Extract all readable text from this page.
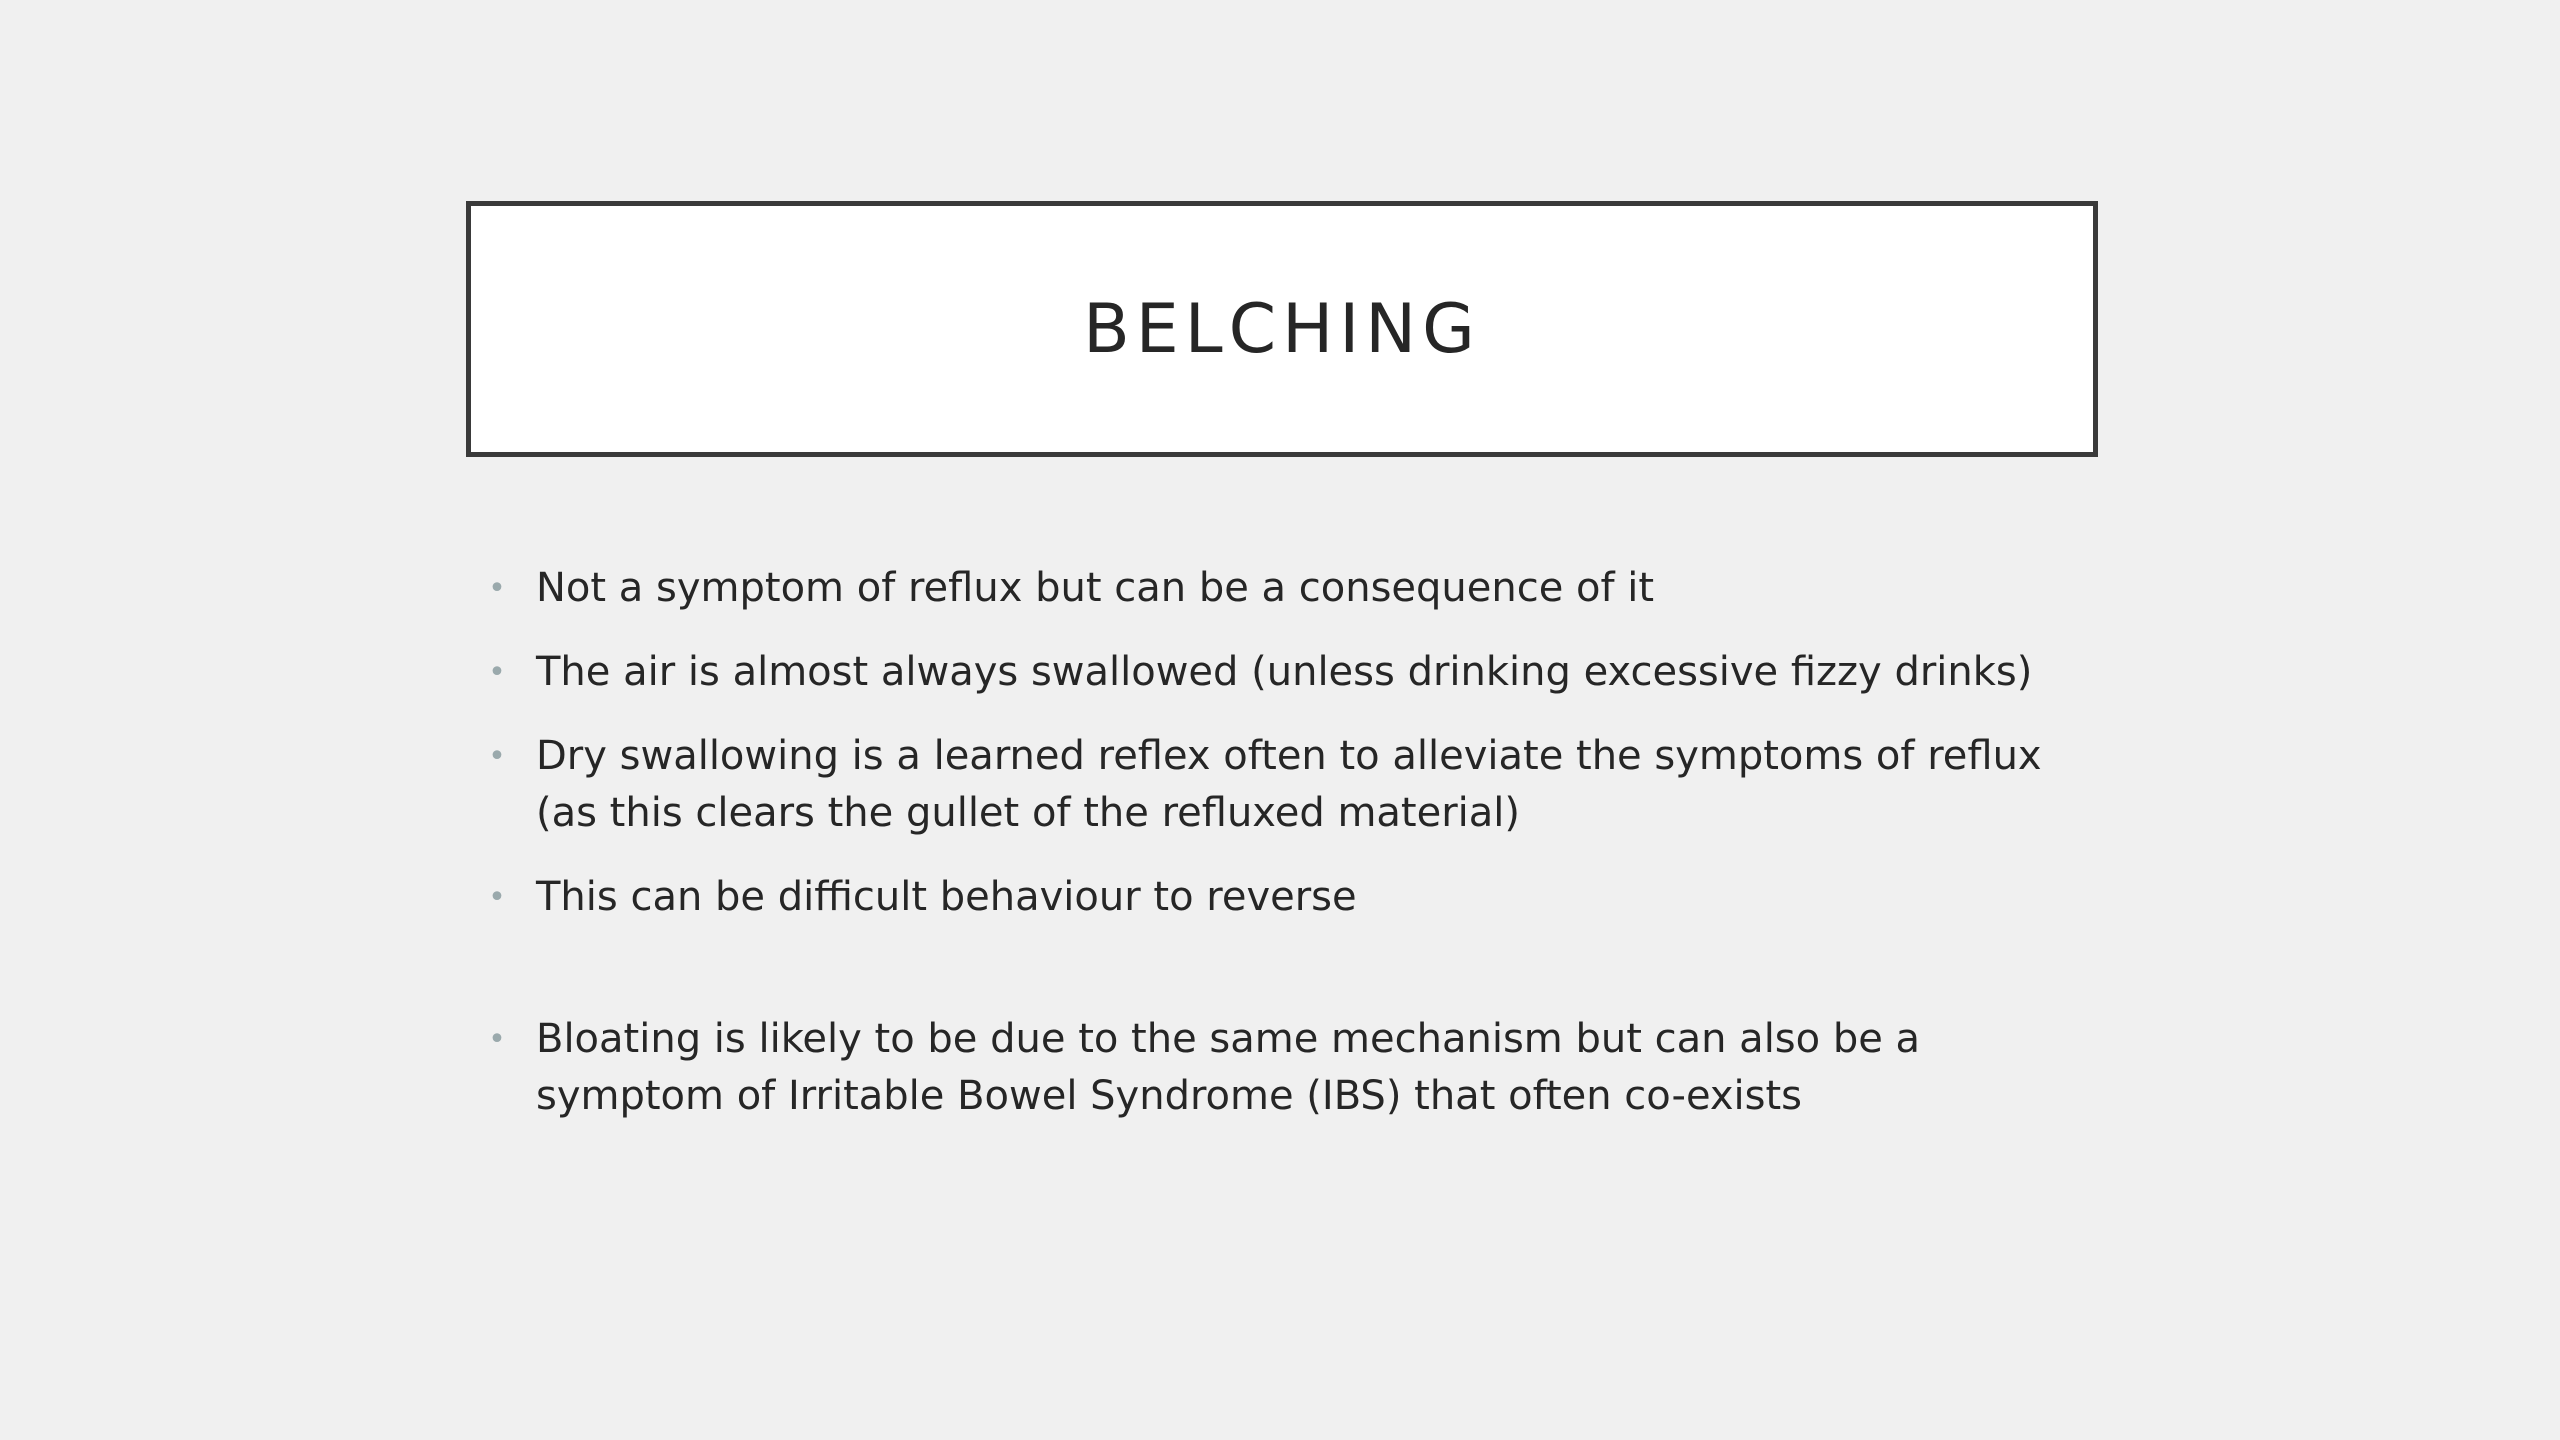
BELCHING
• Not a symptom of reflux but can be a consequence of it
• The air is almost always swallowed (unless drinking excessive fizzy drinks)
• Dry swallowing is a learned reflex often to alleviate the symptoms of reflux (as this clears the gullet of the refluxed material)
• This can be difficult behaviour to reverse
• Bloating is likely to be due to the same mechanism but can also be a symptom of Irritable Bowel Syndrome (IBS) that often co-exists
